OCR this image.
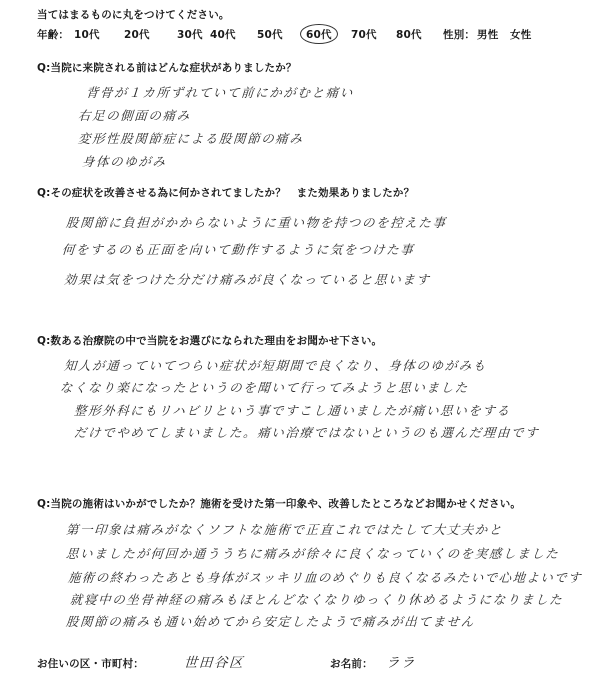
当てはまるものに丸をつけてください。
年齢： 10代 20代	30代 40代 50代 60代 70代 80代 性別： 男性 女性
Q:当院に来院される前はどんな症状がありましたか？
背骨が１カ所ずれていて前にかがむと痛い
右足の側面の痛み
変形性股関節症による股関節の痛み
身体のゆがみ
Q:その症状を改善させる為に何かされてましたか？　また効果ありましたか？
股関節に負担がかからないように重い物を持つのを控えた事
何をするのも正面を向いて動作するように気をつけた事
効果は気をつけた分だけ痛みが良くなっていると思います
Q:数ある治療院の中で当院をお選びになられた理由をお聞かせ下さい。
知人が通っていてつらい症状が短期間で良くなり、身体のゆがみも
なくなり楽になったというのを聞いて行ってみようと思いました
整形外科にもリハビリという事ですこし通いましたが痛い思いをする
だけでやめてしまいました。痛い治療ではないというのも選んだ理由です
Q:当院の施術はいかがでしたか？施術を受けた第一印象や、改善したところなどお聞かせください。
第一印象は痛みがなくソフトな施術で正直これではたして大丈夫かと
思いましたが何回か通ううちに痛みが徐々に良くなっていくのを実感しました
施術の終わったあとも身体がスッキリ血のめぐりも良くなるみたいで心地よいです
就寝中の坐骨神経の痛みもほとんどなくなりゆっくり休めるようになりました
股関節の痛みも通い始めてから安定したようで痛みが出てません
お住いの区・市町村：	世田谷区	お名前： ララ
